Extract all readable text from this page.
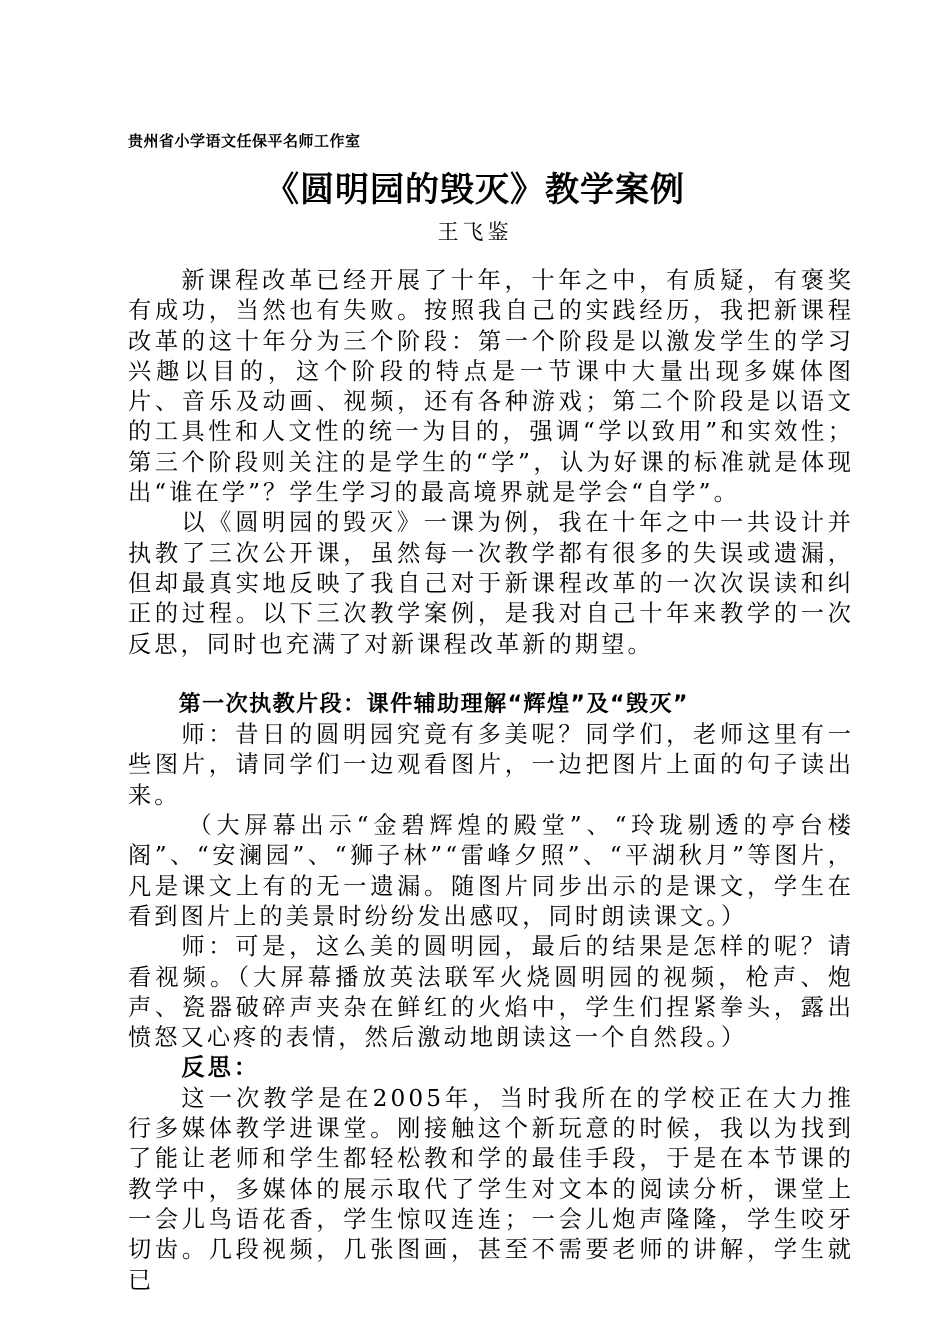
贵州省小学语文任保平名师工作室
《圆明园的毁灭》教学案例
王飞鉴

新课程改革已经开展了十年，十年之中，有质疑，有褒奖有成功，当然也有失败。按照我自己的实践经历，我把新课程改革的这十年分为三个阶段：第一个阶段是以激发学生的学习兴趣以目的，这个阶段的特点是一节课中大量出现多媒体图片、音乐及动画、视频，还有各种游戏；第二个阶段是以语文的工具性和人文性的统一为目的，强调“学以致用”和实效性；第三个阶段则关注的是学生的“学”，认为好课的标准就是体现出“谁在学”？学生学习的最高境界就是学会“自学”。

以《圆明园的毁灭》一课为例，我在十年之中一共设计并执教了三次公开课，虽然每一次教学都有很多的失误或遗漏，但却最真实地反映了我自己对于新课程改革的一次次误读和纠正的过程。以下三次教学案例，是我对自己十年来教学的一次反思，同时也充满了对新课程改革新的期望。

第一次执教片段：课件辅助理解“辉煌”及“毁灭”

师：昔日的圆明园究竟有多美呢？同学们，老师这里有一些图片，请同学们一边观看图片，一边把图片上面的句子读出来。

（大屏幕出示“金碧辉煌的殿堂”、“玲珑剔透的亭台楼阁”、“安澜园”、“狮子林”“雷峰夕照”、“平湖秋月”等图片，凡是课文上有的无一遗漏。随图片同步出示的是课文，学生在看到图片上的美景时纷纷发出感叹，同时朗读课文。）

师：可是，这么美的圆明园，最后的结果是怎样的呢？请看视频。（大屏幕播放英法联军火烧圆明园的视频，枪声、炮声、瓷器破碎声夹杂在鲜红的火焰中，学生们捏紧拳头，露出愤怒又心疼的表情，然后激动地朗读这一个自然段。）

反思：

这一次教学是在2005年，当时我所在的学校正在大力推行多媒体教学进课堂。刚接触这个新玩意的时候，我以为找到了能让老师和学生都轻松教和学的最佳手段，于是在本节课的教学中，多媒体的展示取代了学生对文本的阅读分析，课堂上一会儿鸟语花香，学生惊叹连连；一会儿炮声隆隆，学生咬牙切齿。几段视频，几张图画，甚至不需要老师的讲解，学生就已
